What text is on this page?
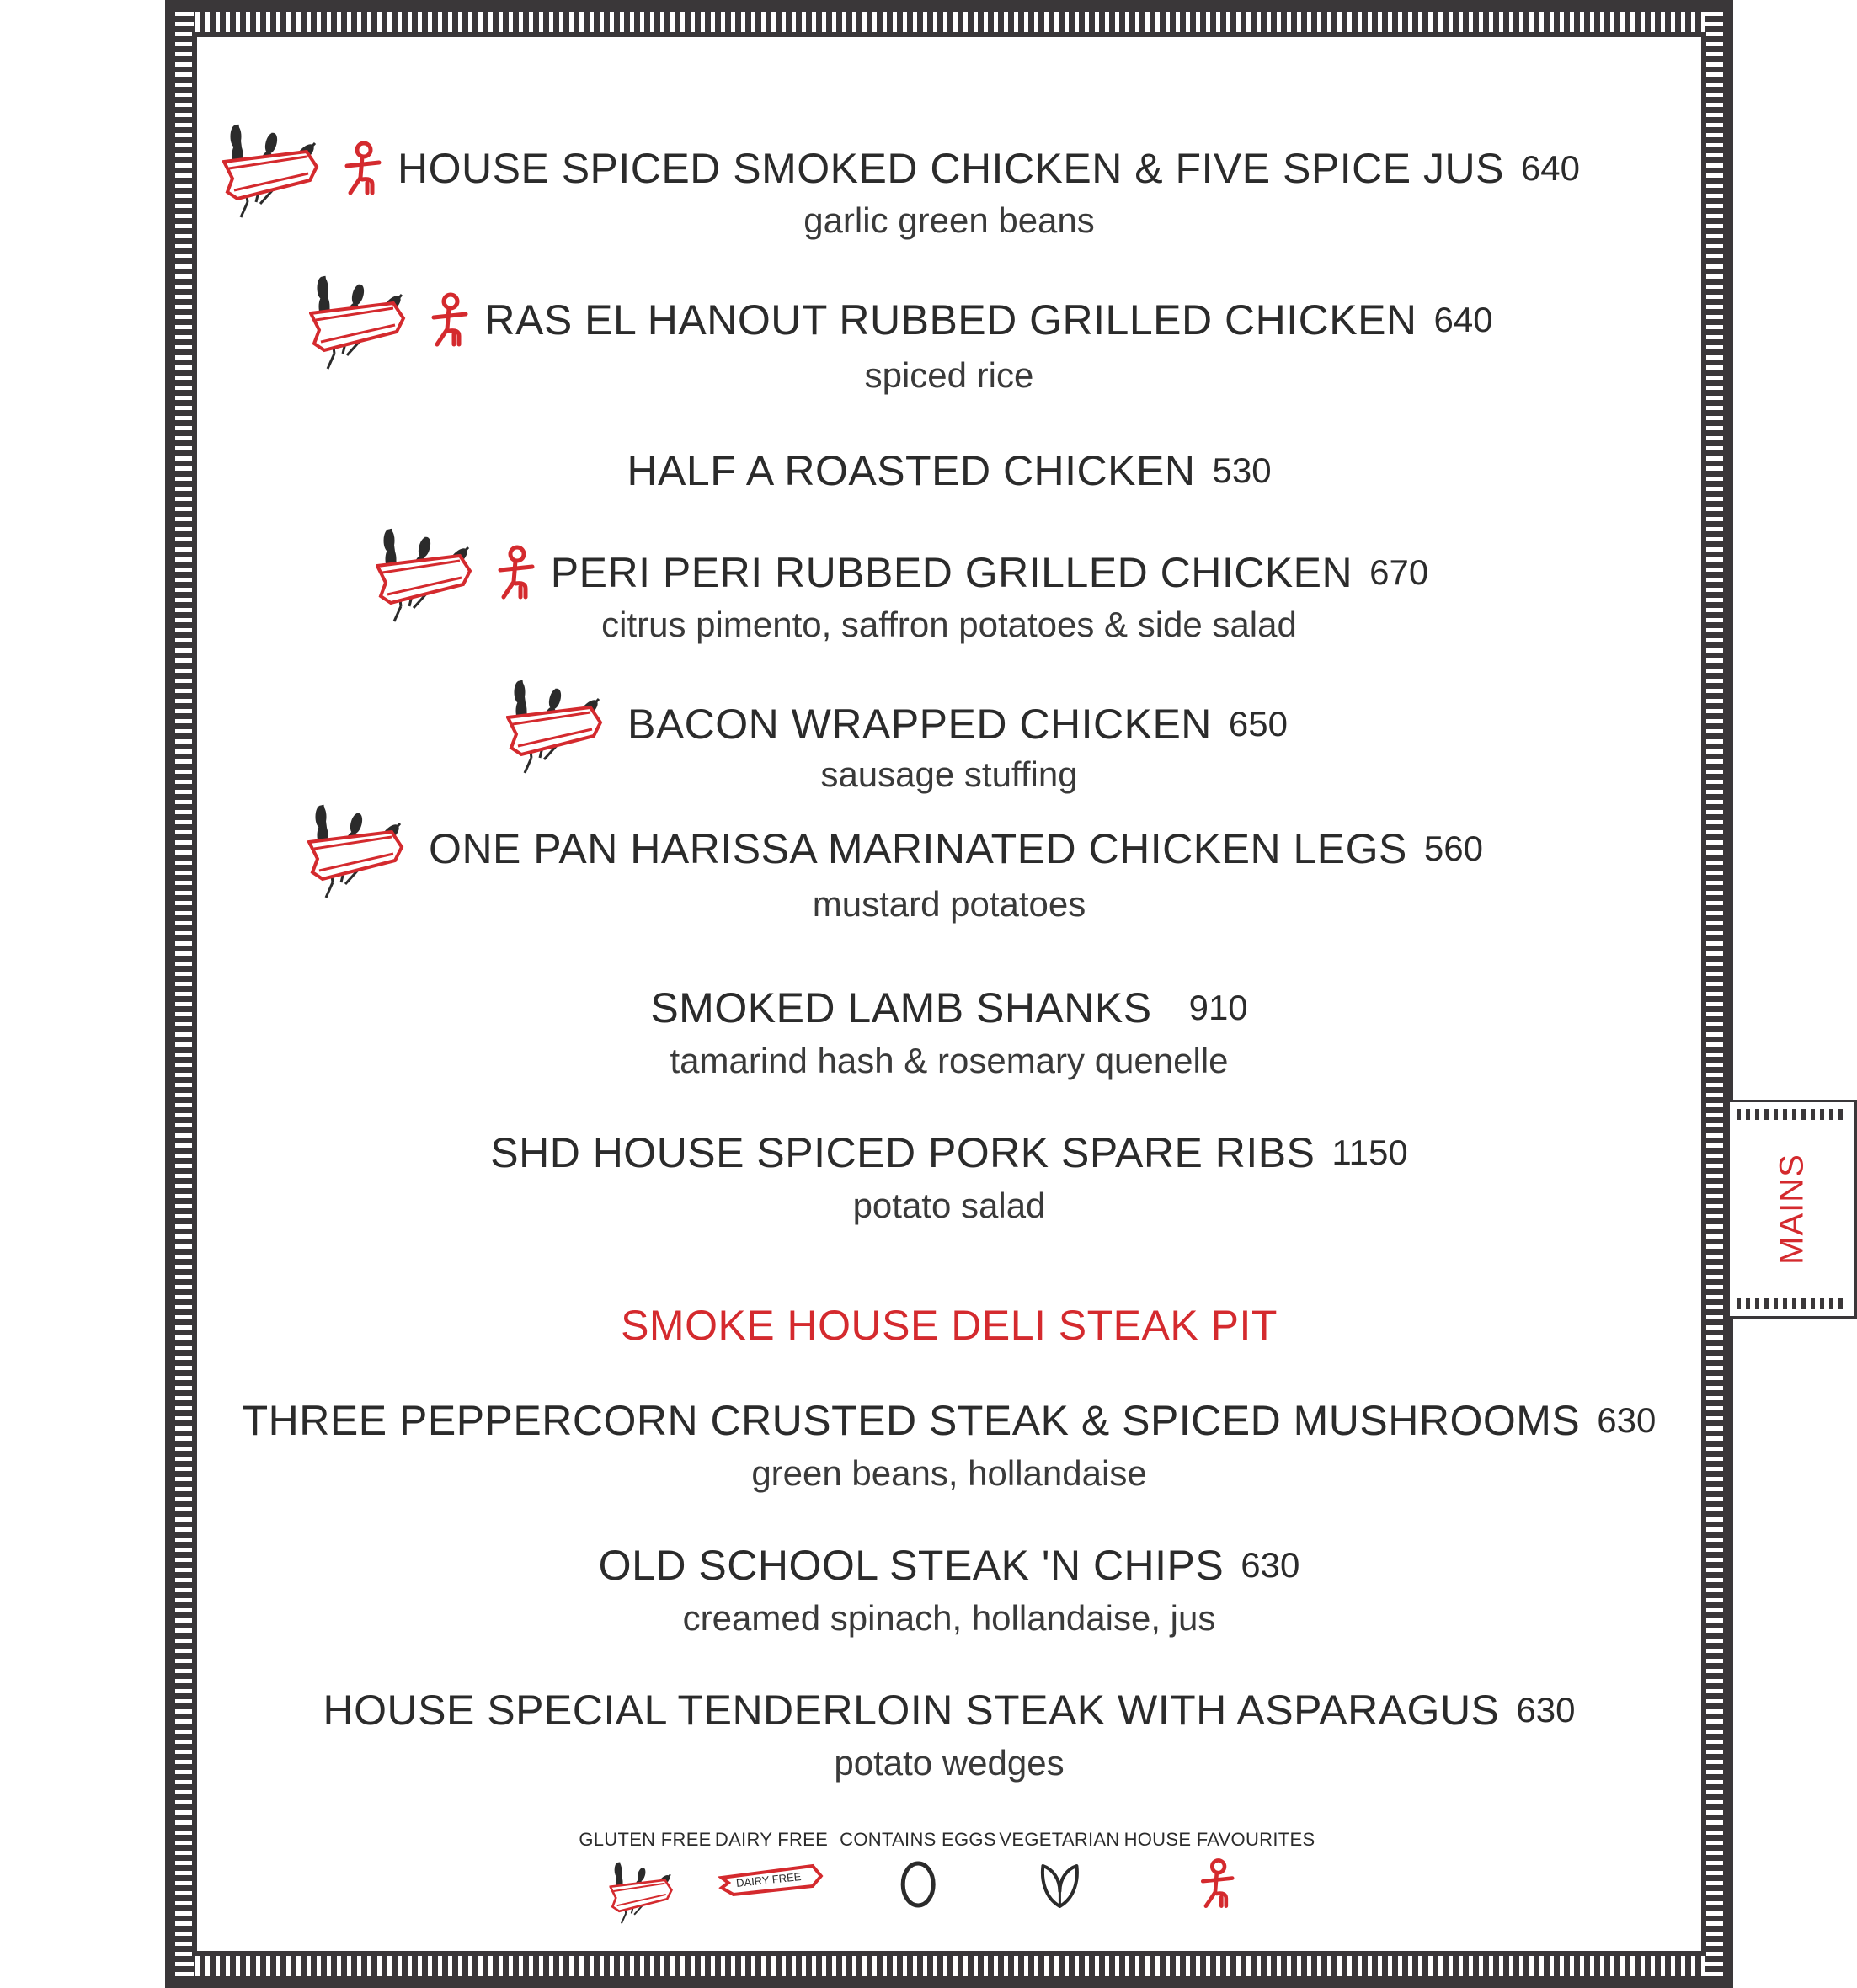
MAINS
HOUSE SPICED SMOKED CHICKEN & FIVE SPICE JUS 640
garlic green beans
RAS EL HANOUT RUBBED GRILLED CHICKEN 640
spiced rice
HALF A ROASTED CHICKEN 530
PERI PERI RUBBED GRILLED CHICKEN 670
citrus pimento, saffron potatoes & side salad
BACON WRAPPED CHICKEN 650
sausage stuffing
ONE PAN HARISSA MARINATED CHICKEN LEGS 560
mustard potatoes
SMOKED LAMB SHANKS 910
tamarind hash & rosemary quenelle
SHD HOUSE SPICED PORK SPARE RIBS 1150
potato salad
SMOKE HOUSE DELI STEAK PIT
THREE PEPPERCORN CRUSTED STEAK & SPICED MUSHROOMS 630
green beans, hollandaise
OLD SCHOOL STEAK 'N CHIPS 630
creamed spinach, hollandaise, jus
HOUSE SPECIAL TENDERLOIN STEAK WITH ASPARAGUS 630
potato wedges
GLUTEN FREE DAIRY FREE
DAIRY FREE
CONTAINS EGGS VEGETARIAN HOUSE FAVOURITES
